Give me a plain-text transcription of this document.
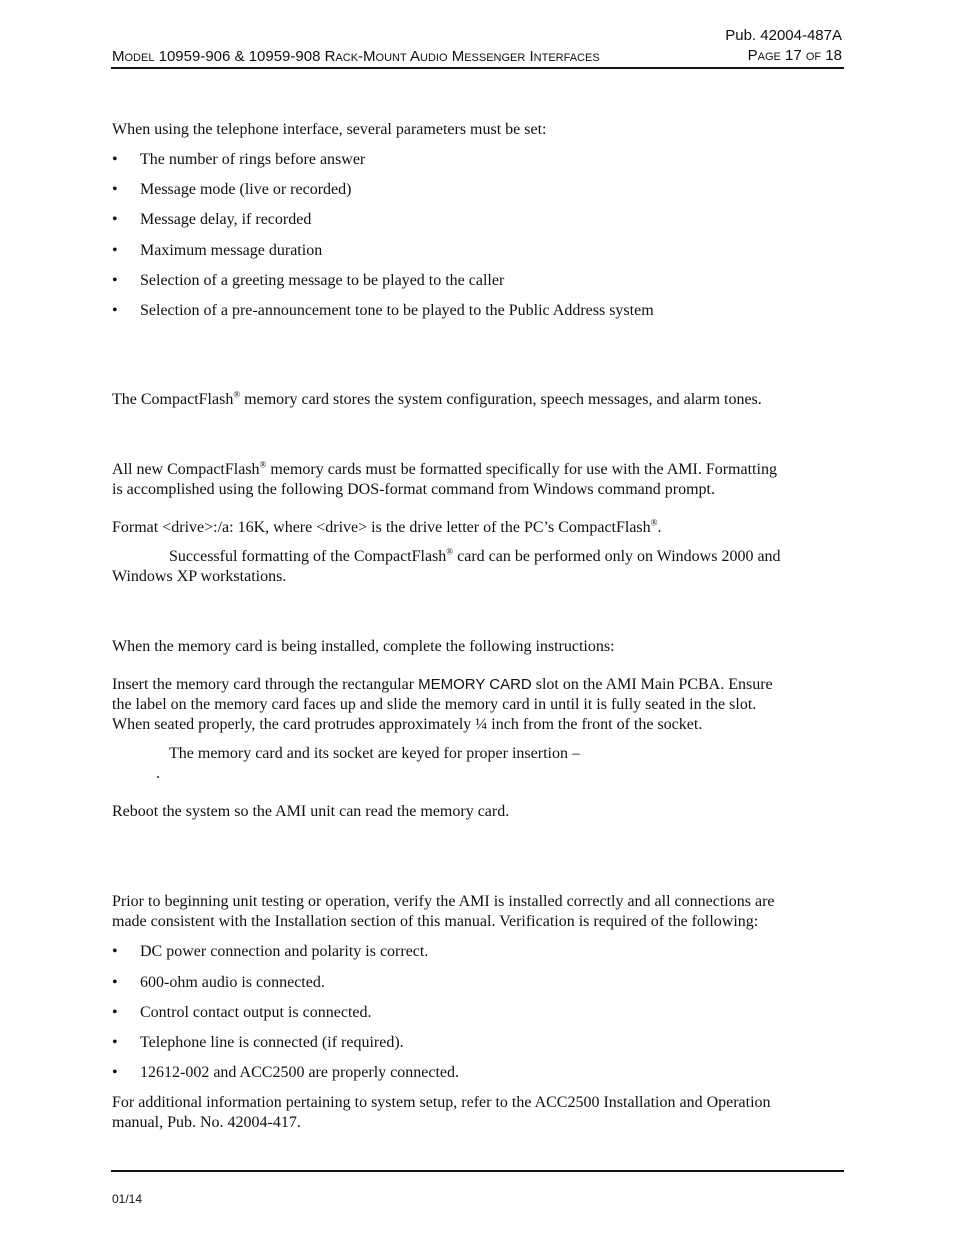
Pub. 42004-487A
Model 10959-906 & 10959-908 Rack-Mount Audio Messenger Interfaces	Page 17 of 18
When using the telephone interface, several parameters must be set:
•	The number of rings before answer
•	Message mode (live or recorded)
•	Message delay, if recorded
•	Maximum message duration
•	Selection of a greeting message to be played to the caller
•	Selection of a pre-announcement tone to be played to the Public Address system
The CompactFlash® memory card stores the system configuration, speech messages, and alarm tones.
All new CompactFlash® memory cards must be formatted specifically for use with the AMI. Formatting
is accomplished using the following DOS-format command from Windows command prompt.
Format <drive>:/a: 16K, where <drive> is the drive letter of the PC’s CompactFlash®.
Successful formatting of the CompactFlash® card can be performed only on Windows 2000 and
Windows XP workstations.
When the memory card is being installed, complete the following instructions:
Insert the memory card through the rectangular MEMORY CARD slot on the AMI Main PCBA. Ensure
the label on the memory card faces up and slide the memory card in until it is fully seated in the slot.
When seated properly, the card protrudes approximately ¼ inch from the front of the socket.
The memory card and its socket are keyed for proper insertion –
.
Reboot the system so the AMI unit can read the memory card.
Prior to beginning unit testing or operation, verify the AMI is installed correctly and all connections are
made consistent with the Installation section of this manual. Verification is required of the following:
•	DC power connection and polarity is correct.
•	600-ohm audio is connected.
•	Control contact output is connected.
•	Telephone line is connected (if required).
•	12612-002 and ACC2500 are properly connected.
For additional information pertaining to system setup, refer to the ACC2500 Installation and Operation
manual, Pub. No. 42004-417.
01/14
